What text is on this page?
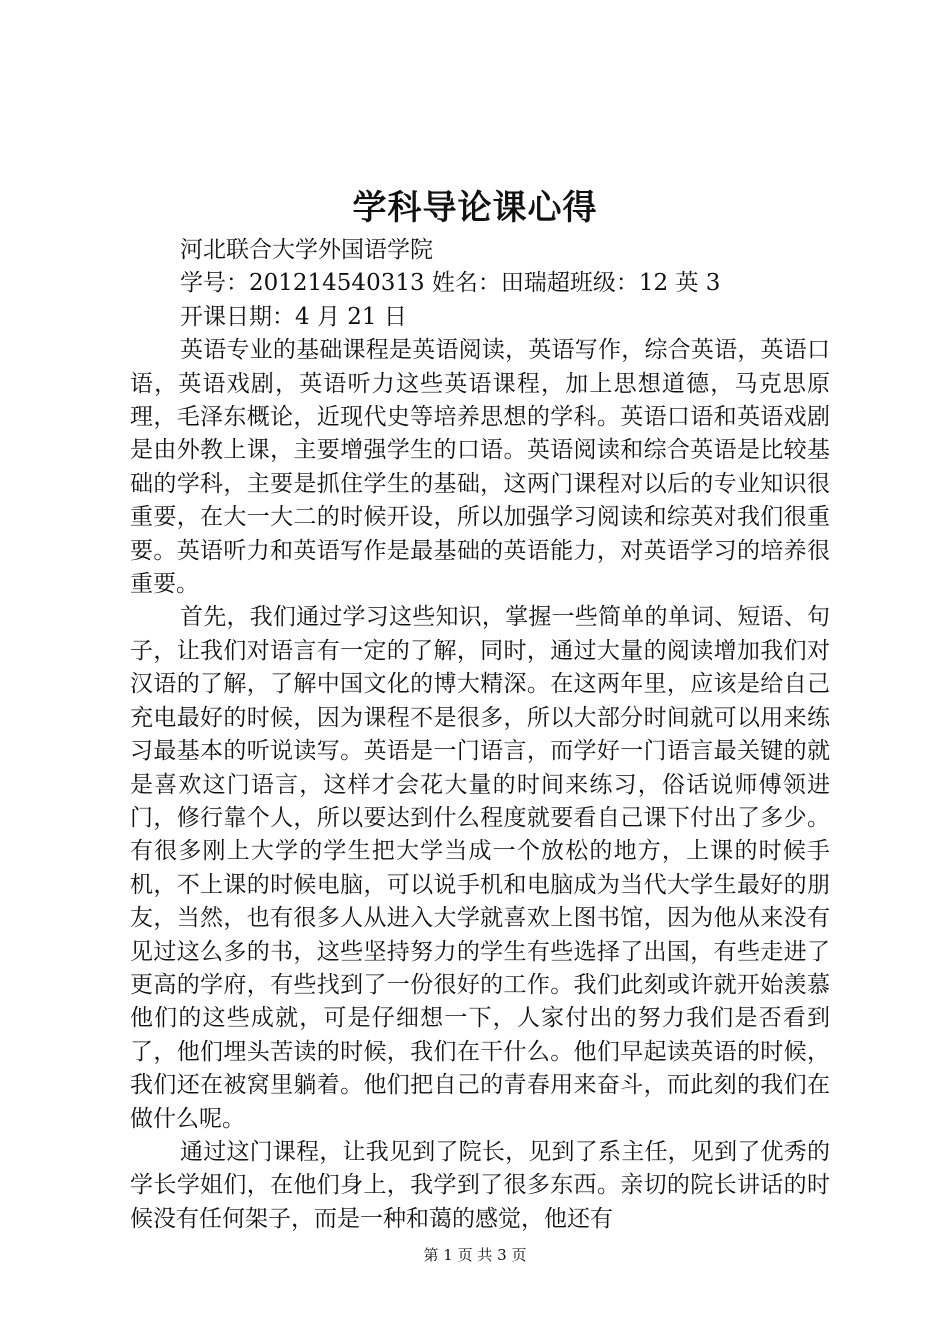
学科导论课心得

河北联合大学外国语学院

学号：201214540313 姓名：田瑞超班级：12 英 3

开课日期：4 月 21 日

英语专业的基础课程是英语阅读，英语写作，综合英语，英语口语，英语戏剧，英语听力这些英语课程，加上思想道德，马克思原理，毛泽东概论，近现代史等培养思想的学科。英语口语和英语戏剧是由外教上课，主要增强学生的口语。英语阅读和综合英语是比较基础的学科，主要是抓住学生的基础，这两门课程对以后的专业知识很重要，在大一大二的时候开设，所以加强学习阅读和综英对我们很重要。英语听力和英语写作是最基础的英语能力，对英语学习的培养很重要。

首先，我们通过学习这些知识，掌握一些简单的单词、短语、句子，让我们对语言有一定的了解，同时，通过大量的阅读增加我们对汉语的了解，了解中国文化的博大精深。在这两年里，应该是给自己充电最好的时候，因为课程不是很多，所以大部分时间就可以用来练习最基本的听说读写。英语是一门语言，而学好一门语言最关键的就是喜欢这门语言，这样才会花大量的时间来练习，俗话说师傅领进门，修行靠个人，所以要达到什么程度就要看自己课下付出了多少。有很多刚上大学的学生把大学当成一个放松的地方，上课的时候手机，不上课的时候电脑，可以说手机和电脑成为当代大学生最好的朋友，当然，也有很多人从进入大学就喜欢上图书馆，因为他从来没有见过这么多的书，这些坚持努力的学生有些选择了出国，有些走进了更高的学府，有些找到了一份很好的工作。我们此刻或许就开始羡慕他们的这些成就，可是仔细想一下，人家付出的努力我们是否看到了，他们埋头苦读的时候，我们在干什么。他们早起读英语的时候，我们还在被窝里躺着。他们把自己的青春用来奋斗，而此刻的我们在做什么呢。

通过这门课程，让我见到了院长，见到了系主任，见到了优秀的学长学姐们，在他们身上，我学到了很多东西。亲切的院长讲话的时候没有任何架子，而是一种和蔼的感觉，他还有

第 1 页 共 3 页
